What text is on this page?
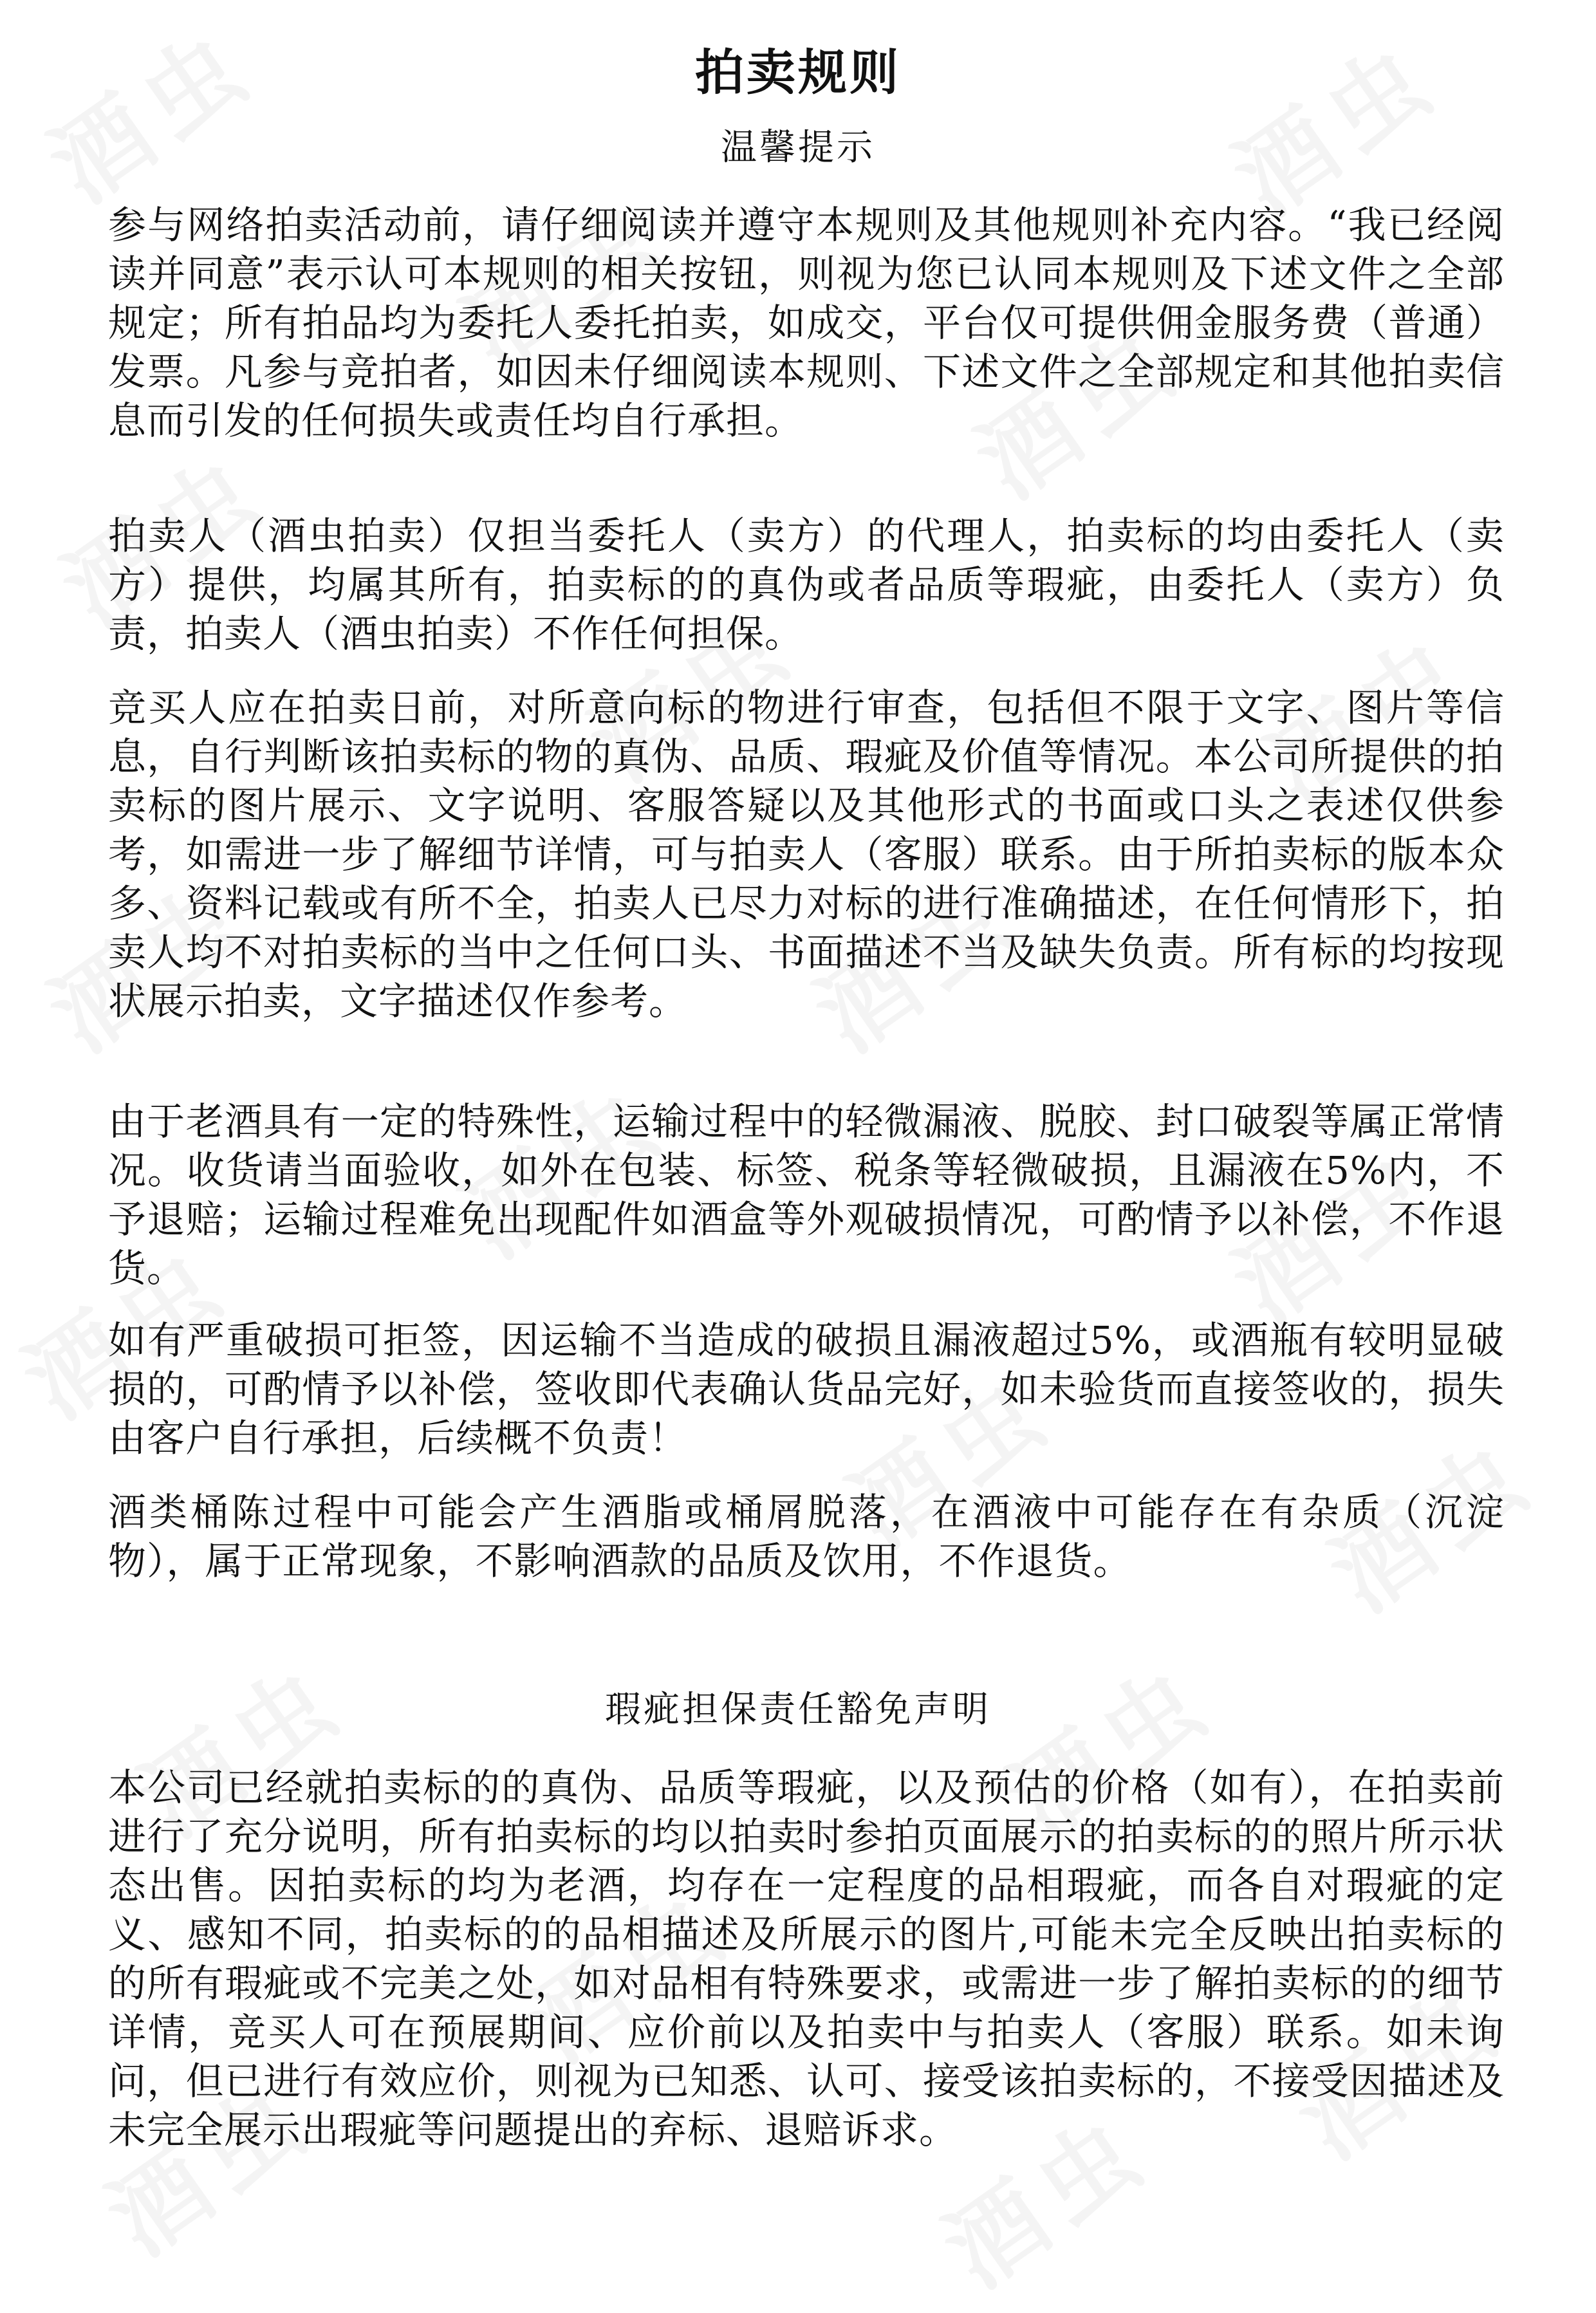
拍卖规则
温馨提示

参与网络拍卖活动前，请仔细阅读并遵守本规则及其他规则补充内容。“我已经阅读并同意”表示认可本规则的相关按钮，则视为您已认同本规则及下述文件之全部规定；所有拍品均为委托人委托拍卖，如成交，平台仅可提供佣金服务费（普通）发票。凡参与竞拍者，如因未仔细阅读本规则、下述文件之全部规定和其他拍卖信息而引发的任何损失或责任均自行承担。

拍卖人（酒虫拍卖）仅担当委托人（卖方）的代理人，拍卖标的均由委托人（卖方）提供，均属其所有，拍卖标的的真伪或者品质等瑕疵，由委托人（卖方）负责，拍卖人（酒虫拍卖）不作任何担保。

竞买人应在拍卖日前，对所意向标的物进行审查，包括但不限于文字、图片等信息，自行判断该拍卖标的物的真伪、品质、瑕疵及价值等情况。本公司所提供的拍卖标的图片展示、文字说明、客服答疑以及其他形式的书面或口头之表述仅供参考，如需进一步了解细节详情，可与拍卖人（客服）联系。由于所拍卖标的版本众多、资料记载或有所不全，拍卖人已尽力对标的进行准确描述，在任何情形下，拍卖人均不对拍卖标的当中之任何口头、书面描述不当及缺失负责。所有标的均按现状展示拍卖，文字描述仅作参考。

由于老酒具有一定的特殊性，运输过程中的轻微漏液、脱胶、封口破裂等属正常情况。收货请当面验收，如外在包装、标签、税条等轻微破损，且漏液在5%内，不予退赔；运输过程难免出现配件如酒盒等外观破损情况，可酌情予以补偿，不作退货。

如有严重破损可拒签，因运输不当造成的破损且漏液超过5%，或酒瓶有较明显破损的，可酌情予以补偿，签收即代表确认货品完好，如未验货而直接签收的，损失由客户自行承担，后续概不负责！

酒类桶陈过程中可能会产生酒脂或桶屑脱落，在酒液中可能存在有杂质（沉淀物），属于正常现象，不影响酒款的品质及饮用，不作退货。

瑕疵担保责任豁免声明

本公司已经就拍卖标的的真伪、品质等瑕疵，以及预估的价格（如有），在拍卖前进行了充分说明，所有拍卖标的均以拍卖时参拍页面展示的拍卖标的的照片所示状态出售。因拍卖标的均为老酒，均存在一定程度的品相瑕疵，而各自对瑕疵的定义、感知不同，拍卖标的的品相描述及所展示的图片,可能未完全反映出拍卖标的的所有瑕疵或不完美之处，如对品相有特殊要求，或需进一步了解拍卖标的的细节详情，竞买人可在预展期间、应价前以及拍卖中与拍卖人（客服）联系。如未询问，但已进行有效应价，则视为已知悉、认可、接受该拍卖标的，不接受因描述及未完全展示出瑕疵等问题提出的弃标、退赔诉求。
